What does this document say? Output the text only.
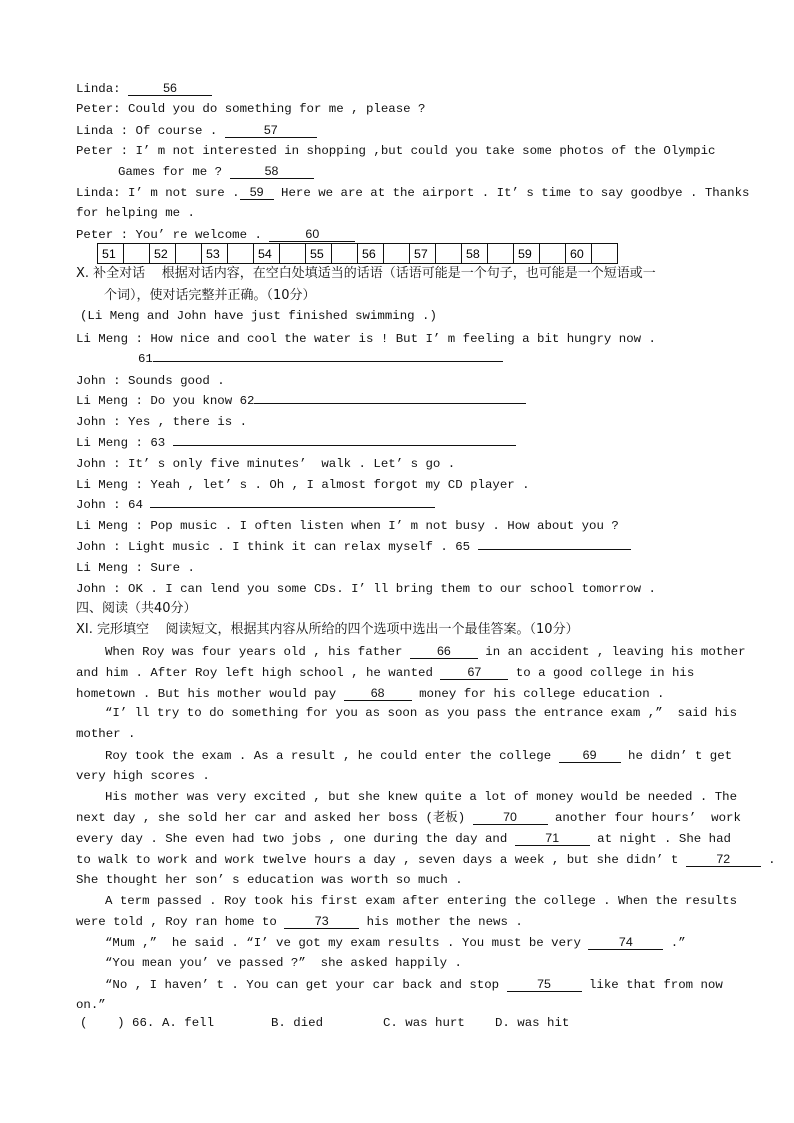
Linda:	56
Peter: Could you do something for me , please ?
Linda : Of course .	57
Peter : I’ m not interested in shopping ,but could you take some photos of the Olympic
Games for me ?	58
Linda: I’ m not sure . 59 Here we are at the airport . It’ s time to say goodbye . Thanks
for helping me .
Peter : You’ re welcome .	60
51		52		53		54		55		56		57		58		59		60	
X. 补全对话    根据对话内容，在空白处填适当的话语（话语可能是一个句子，也可能是一个短语或一
个词），使对话完整并正确。（10分）
(Li Meng and John have just finished swimming .)
Li Meng : How nice and cool the water is ! But I’ m feeling a bit hungry now .
61
John : Sounds good .
Li Meng : Do you know 62
John : Yes , there is .
Li Meng : 63
John : It’ s only five minutes’  walk . Let’ s go .
Li Meng : Yeah , let’ s . Oh , I almost forgot my CD player .
John : 64
Li Meng : Pop music . I often listen when I’ m not busy . How about you ?
John : Light music . I think it can relax myself . 65
Li Meng : Sure .
John : OK . I can lend you some CDs. I’ ll bring them to our school tomorrow .
四、阅读（共40分）
XI. 完形填空    阅读短文，根据其内容从所给的四个选项中选出一个最佳答案。（10分）
When Roy was four years old , his father 66 in an accident , leaving his mother
and him . After Roy left high school , he wanted 67 to a good college in his
hometown . But his mother would pay 68 money for his college education .
“I’ ll try to do something for you as soon as you pass the entrance exam ,”  said his
mother .
Roy took the exam . As a result , he could enter the college 69 he didn’ t get
very high scores .
His mother was very excited , but she knew quite a lot of money would be needed . The
next day , she sold her car and asked her boss (老板) 70 another four hours’  work
every day . She even had two jobs , one during the day and 71 at night . She had
to walk to work and work twelve hours a day , seven days a week , but she didn’ t 72 .
She thought her son’ s education was worth so much .
A term passed . Roy took his first exam after entering the college . When the results
were told , Roy ran home to 73 his mother the news .
“Mum ,”  he said . “I’ ve got my exam results . You must be very 74 .”
“You mean you’ ve passed ?”  she asked happily .
“No , I haven’ t . You can get your car back and stop 75 like that from now
on.”
(    ) 66. A. fell	B. died	C. was hurt D. was hit
